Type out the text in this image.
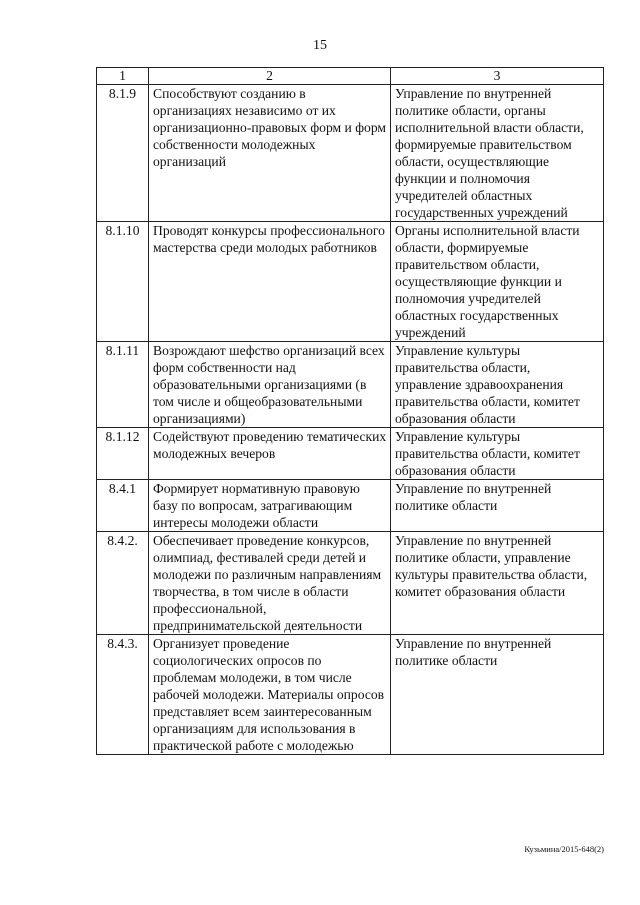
15
1	2	3
8.1.9	Способствуют созданию в организациях независимо от их организационно-правовых форм и форм собственности молодежных организаций	Управление по внутренней политике области, органы исполнительной власти области, формируемые правительством области, осуществляющие функции и полномочия учредителей областных государственных учреждений
8.1.10	Проводят конкурсы профессионального мастерства среди молодых работников	Органы исполнительной власти области, формируемые правительством области, осуществляющие функции и полномочия учредителей областных государственных учреждений
8.1.11	Возрождают шефство организаций всех форм собственности над образовательными организациями (в том числе и общеобразовательными организациями)	Управление культуры правительства области, управление здравоохранения правительства области, комитет образования области
8.1.12	Содействуют проведению тематических молодежных вечеров	Управление культуры правительства области, комитет образования области
8.4.1	Формирует нормативную правовую базу по вопросам, затрагивающим интересы молодежи области	Управление по внутренней политике области
8.4.2.	Обеспечивает проведение конкурсов, олимпиад, фестивалей среди детей и молодежи по различным направлениям творчества, в том числе в области профессиональной, предпринимательской деятельности	Управление по внутренней политике области, управление культуры правительства области, комитет образования области
8.4.3.	Организует проведение социологических опросов по проблемам молодежи, в том числе рабочей молодежи. Материалы опросов представляет всем заинтересованным организациям для использования в практической работе с молодежью	Управление по внутренней политике области
Кузьмина/2015-648(2)
